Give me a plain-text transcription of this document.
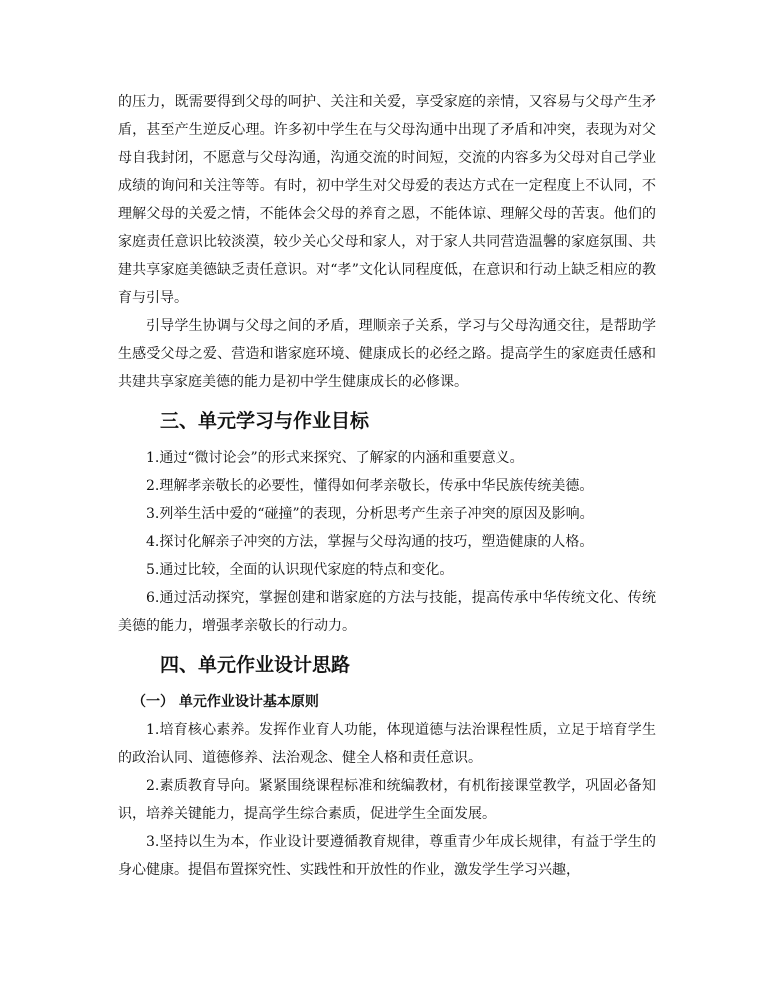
的压力，既需要得到父母的呵护、关注和关爱，享受家庭的亲情，又容易与父母产生矛盾，甚至产生逆反心理。许多初中学生在与父母沟通中出现了矛盾和冲突，表现为对父母自我封闭，不愿意与父母沟通，沟通交流的时间短，交流的内容多为父母对自己学业成绩的询问和关注等等。有时，初中学生对父母爱的表达方式在一定程度上不认同，不理解父母的关爱之情，不能体会父母的养育之恩，不能体谅、理解父母的苦衷。他们的家庭责任意识比较淡漠，较少关心父母和家人，对于家人共同营造温馨的家庭氛围、共建共享家庭美德缺乏责任意识。对“孝”文化认同程度低，在意识和行动上缺乏相应的教育与引导。

引导学生协调与父母之间的矛盾，理顺亲子关系，学习与父母沟通交往，是帮助学生感受父母之爱、营造和谐家庭环境、健康成长的必经之路。提高学生的家庭责任感和共建共享家庭美德的能力是初中学生健康成长的必修课。

三、单元学习与作业目标

1.通过“微讨论会”的形式来探究、了解家的内涵和重要意义。

2.理解孝亲敬长的必要性，懂得如何孝亲敬长，传承中华民族传统美德。

3.列举生活中爱的“碰撞”的表现，分析思考产生亲子冲突的原因及影响。

4.探讨化解亲子冲突的方法，掌握与父母沟通的技巧，塑造健康的人格。

5.通过比较，全面的认识现代家庭的特点和变化。

6.通过活动探究，掌握创建和谐家庭的方法与技能，提高传承中华传统文化、传统美德的能力，增强孝亲敬长的行动力。

四、单元作业设计思路
（一） 单元作业设计基本原则

1.培育核心素养。发挥作业育人功能，体现道德与法治课程性质，立足于培育学生的政治认同、道德修养、法治观念、健全人格和责任意识。

2.素质教育导向。紧紧围绕课程标准和统编教材，有机衔接课堂教学，巩固必备知识，培养关键能力，提高学生综合素质，促进学生全面发展。

3.坚持以生为本，作业设计要遵循教育规律，尊重青少年成长规律，有益于学生的身心健康。提倡布置探究性、实践性和开放性的作业，激发学生学习兴趣，
